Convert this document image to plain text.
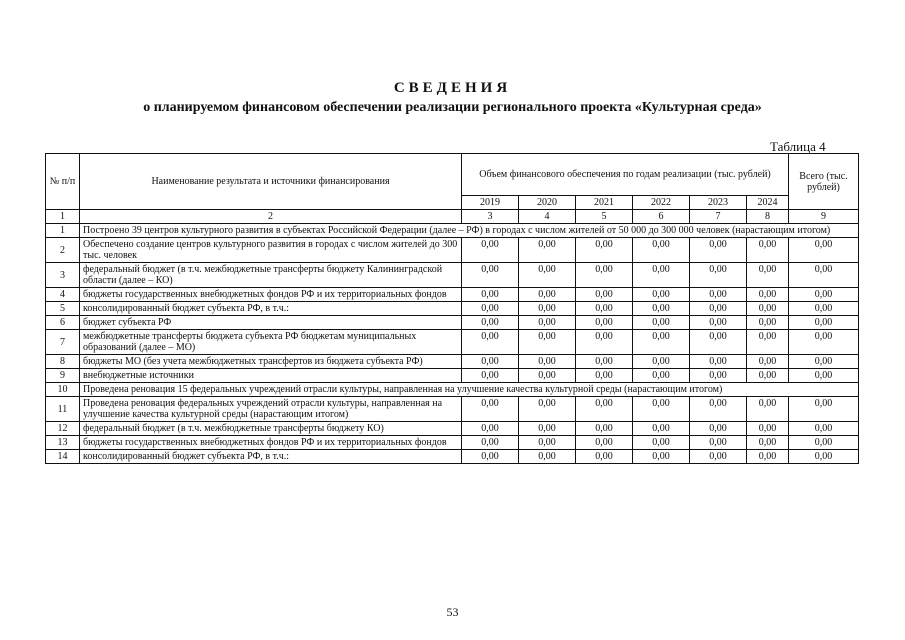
СВЕДЕНИЯ
о планируемом финансовом обеспечении реализации регионального проекта «Культурная среда»
Таблица 4
№ п/п	Наименование результата и источники финансирования	Объем финансового обеспечения по годам реализации (тыс. рублей)						Всего (тыс. рублей)
		2019	2020	2021	2022	2023	2024	
1	2	3	4	5	6	7	8	9
1	Построено 39 центров культурного развития в субъектах Российской Федерации (далее – РФ) в городах с числом жителей от 50 000 до 300 000 человек (нарастающим итогом)							
2	Обеспечено создание центров культурного развития в городах с числом жителей до 300 тыс. человек	0,00	0,00	0,00	0,00	0,00	0,00	0,00
3	федеральный бюджет (в т.ч. межбюджетные трансферты бюджету Калининградской области (далее – КО)	0,00	0,00	0,00	0,00	0,00	0,00	0,00
4	бюджеты государственных внебюджетных фондов РФ и их территориальных фондов	0,00	0,00	0,00	0,00	0,00	0,00	0,00
5	консолидированный бюджет субъекта РФ, в т.ч.:	0,00	0,00	0,00	0,00	0,00	0,00	0,00
6	бюджет субъекта РФ	0,00	0,00	0,00	0,00	0,00	0,00	0,00
7	межбюджетные трансферты бюджета субъекта РФ бюджетам муниципальных образований (далее – МО)	0,00	0,00	0,00	0,00	0,00	0,00	0,00
8	бюджеты МО (без учета межбюджетных трансфертов из бюджета субъекта РФ)	0,00	0,00	0,00	0,00	0,00	0,00	0,00
9	внебюджетные источники	0,00	0,00	0,00	0,00	0,00	0,00	0,00
10	Проведена реновация 15 федеральных учреждений отрасли культуры, направленная на улучшение качества культурной среды (нарастающим итогом)							
11	Проведена реновация федеральных учреждений отрасли культуры, направленная на улучшение качества культурной среды (нарастающим итогом)	0,00	0,00	0,00	0,00	0,00	0,00	0,00
12	федеральный бюджет (в т.ч. межбюджетные трансферты бюджету КО)	0,00	0,00	0,00	0,00	0,00	0,00	0,00
13	бюджеты государственных внебюджетных фондов РФ и их территориальных фондов	0,00	0,00	0,00	0,00	0,00	0,00	0,00
14	консолидированный бюджет субъекта РФ, в т.ч.:	0,00	0,00	0,00	0,00	0,00	0,00	0,00
53
